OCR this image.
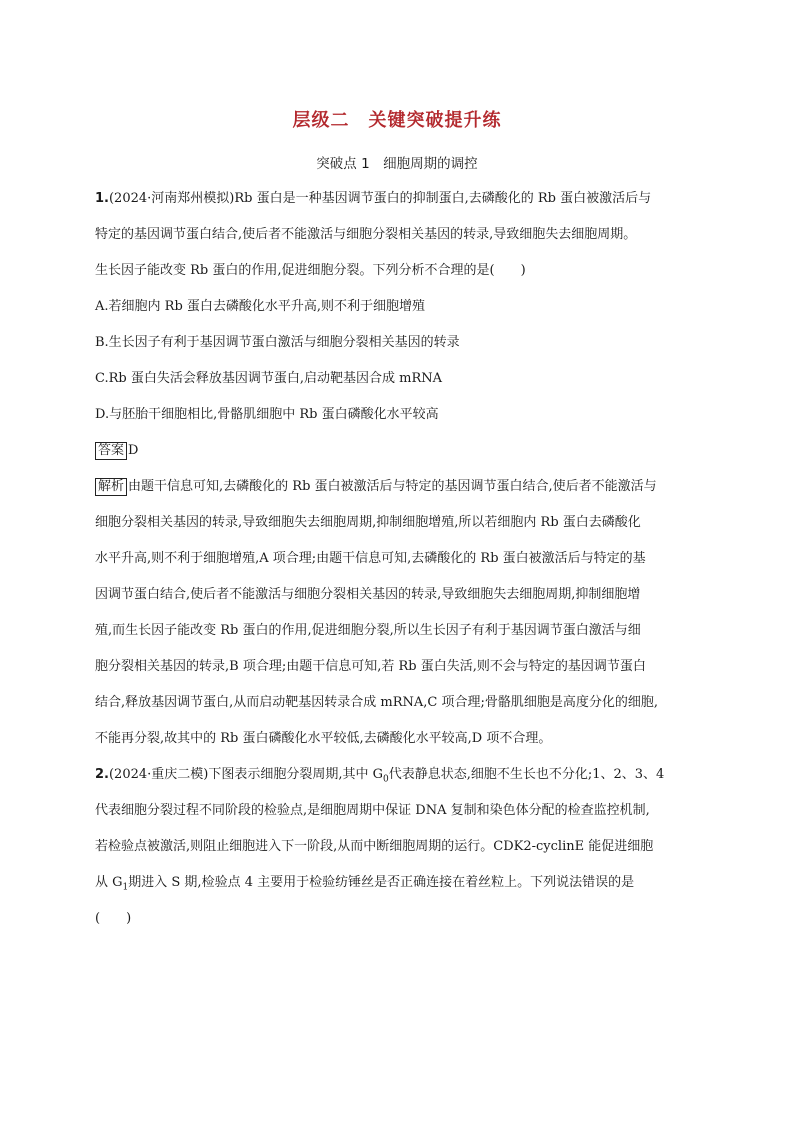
层级二　关键突破提升练
突破点 1　细胞周期的调控
1.(2024·河南郑州模拟)Rb 蛋白是一种基因调节蛋白的抑制蛋白,去磷酸化的 Rb 蛋白被激活后与
特定的基因调节蛋白结合,使后者不能激活与细胞分裂相关基因的转录,导致细胞失去细胞周期。
生长因子能改变 Rb 蛋白的作用,促进细胞分裂。下列分析不合理的是(　　)
A.若细胞内 Rb 蛋白去磷酸化水平升高,则不利于细胞增殖
B.生长因子有利于基因调节蛋白激活与细胞分裂相关基因的转录
C.Rb 蛋白失活会释放基因调节蛋白,启动靶基因合成 mRNA
D.与胚胎干细胞相比,骨骼肌细胞中 Rb 蛋白磷酸化水平较高
答案 D
解析 由题干信息可知,去磷酸化的 Rb 蛋白被激活后与特定的基因调节蛋白结合,使后者不能激活与
细胞分裂相关基因的转录,导致细胞失去细胞周期,抑制细胞增殖,所以若细胞内 Rb 蛋白去磷酸化
水平升高,则不利于细胞增殖,A 项合理;由题干信息可知,去磷酸化的 Rb 蛋白被激活后与特定的基
因调节蛋白结合,使后者不能激活与细胞分裂相关基因的转录,导致细胞失去细胞周期,抑制细胞增
殖,而生长因子能改变 Rb 蛋白的作用,促进细胞分裂,所以生长因子有利于基因调节蛋白激活与细
胞分裂相关基因的转录,B 项合理;由题干信息可知,若 Rb 蛋白失活,则不会与特定的基因调节蛋白
结合,释放基因调节蛋白,从而启动靶基因转录合成 mRNA,C 项合理;骨骼肌细胞是高度分化的细胞,
不能再分裂,故其中的 Rb 蛋白磷酸化水平较低,去磷酸化水平较高,D 项不合理。
2.(2024·重庆二模)下图表示细胞分裂周期,其中 $G_0$代表静息状态,细胞不生长也不分化;1、2、3、4
代表细胞分裂过程不同阶段的检验点,是细胞周期中保证 DNA 复制和染色体分配的检查监控机制,
若检验点被激活,则阻止细胞进入下一阶段,从而中断细胞周期的运行。CDK2-cyclinE 能促进细胞
从 $G_1$期进入 S 期,检验点 4 主要用于检验纺锤丝是否正确连接在着丝粒上。下列说法错误的是
(　　)
